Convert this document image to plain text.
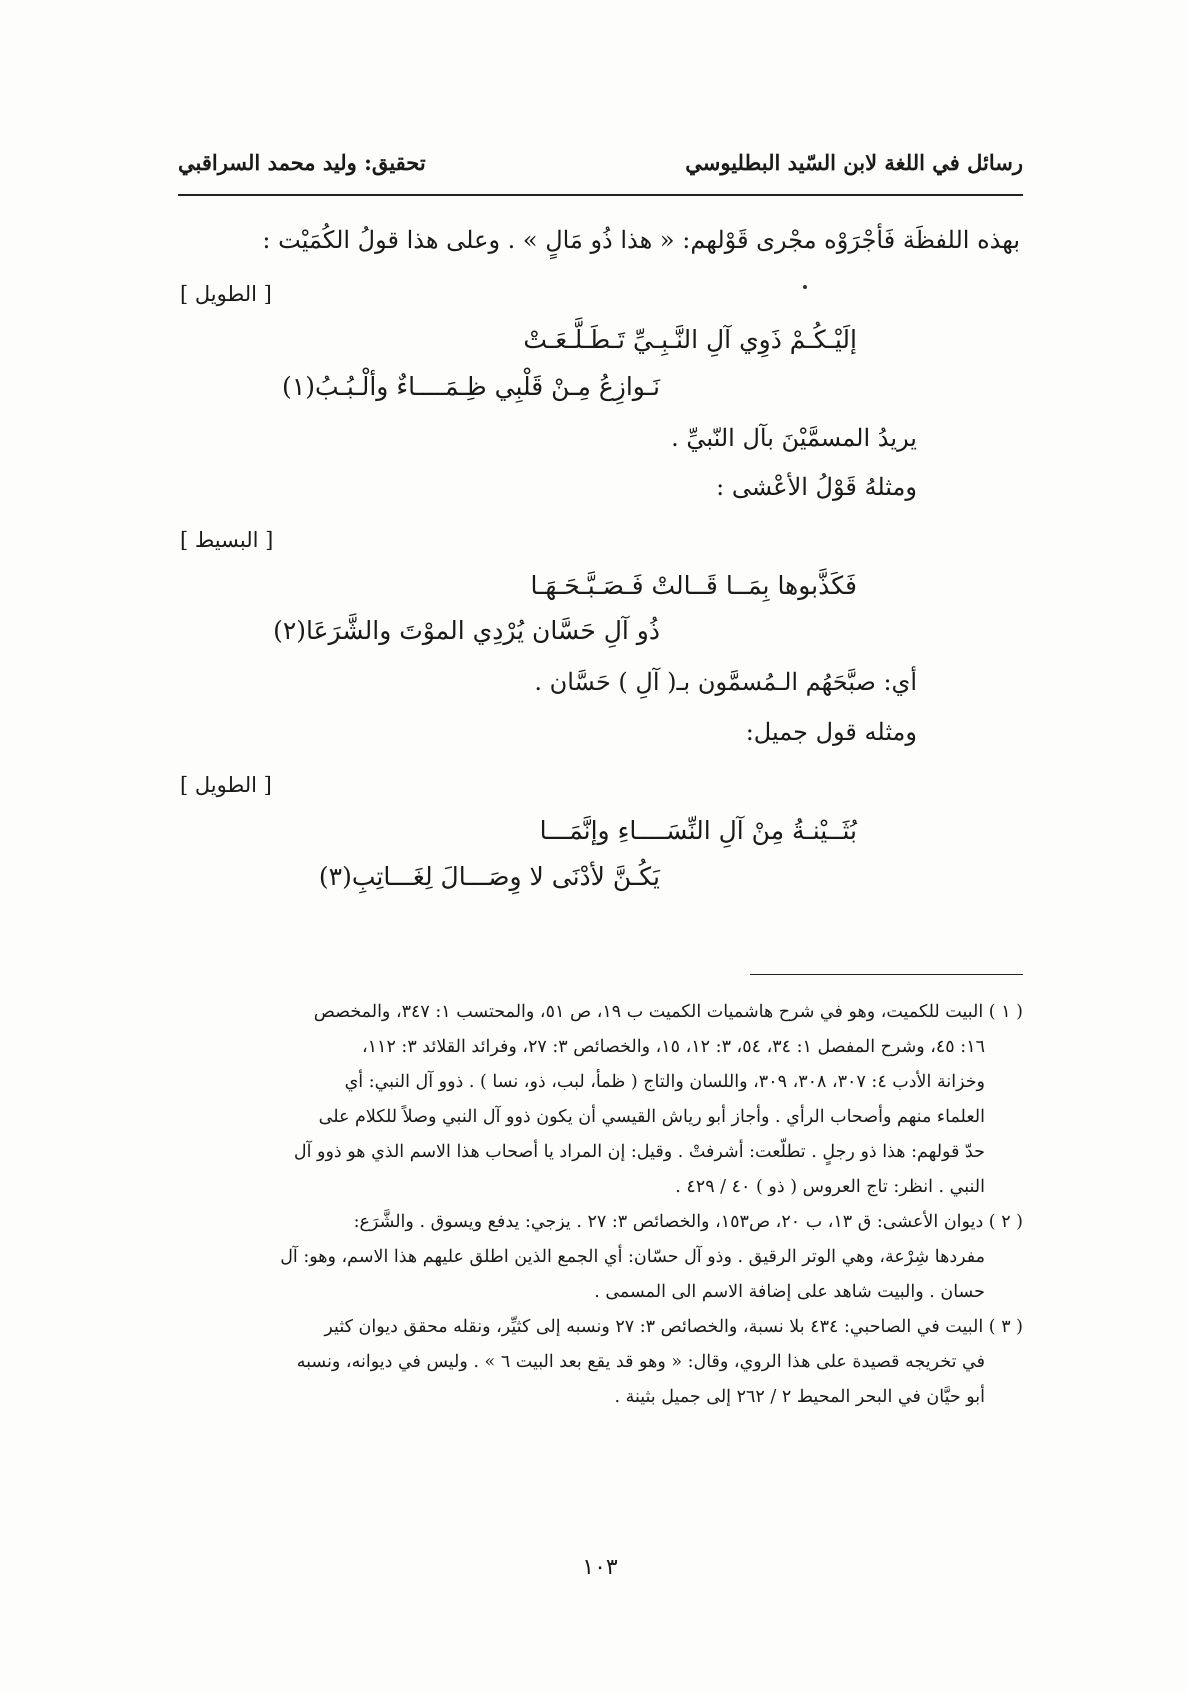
رسائل في اللغة لابن السّيد البطليوسي
تحقيق: وليد محمد السراقبي
بهذه اللفظَة فَأجْرَوْه مجْرى قَوْلهم: « هذا ذُو مَالٍ » . وعلى هذا قولُ الكُمَيْت :
[ الطويل ]
إلَيْـكُـمْ ذَوِي آلِ النَّـبِـيِّ تَـطَـلَّـعَـتْ
نَـوازِعُ مِـنْ قَلْبِي ظِـمَــــاءٌ وألْـبُـبُ(١)
يريدُ المسمَّيْنَ بآل النّبيِّ .
ومثلهُ قَوْلُ الأعْشى :
[ البسيط ]
فَكَذَّبوها بِمَــا قَــالتْ فَـصَـبَّـحَـهَـا
ذُو آلِ حَسَّان يُرْدِي الموْتَ والشَّرَعَا(٢)
أي: صبَّحَهُم الـمُسمَّون بـ( آلِ ) حَسَّان .
ومثله قول جميل:
[ الطويل ]
بُثَــيْنـةُ مِنْ آلِ النِّسَــــاءِ وإنَّمَـــا
يَكُـنَّ لأدْنَى لا وِصَـــالَ لِغَـــاتِبِ(٣)

( ١ ) البيت للكميت، وهو في شرح هاشميات الكميت ب ١٩، ص ٥١، والمحتسب ١: ٣٤٧، والمخصص
١٦: ٤٥، وشرح المفصل ١: ٣٤، ٥٤، ٣: ١٢، ١٥، والخصائص ٣: ٢٧، وفرائد القلائد ٣: ١١٢،
وخزانة الأدب ٤: ٣٠٧، ٣٠٨، ٣٠٩، واللسان والتاج ( ظمأ، لبب، ذو، نسا ) . ذوو آل النبي: أي
العلماء منهم وأصحاب الرأي . وأجاز أبو رياش القيسي أن يكون ذوو آل النبي وصلاً للكلام على
حدّ قولهم: هذا ذو رجلٍ . تطلّعت: أشرفتْ . وقيل: إن المراد يا أصحاب هذا الاسم الذي هو ذوو آل
النبي . انظر: تاج العروس ( ذو ) ٤٠ / ٤٢٩ .

( ٢ ) ديوان الأعشى: ق ١٣، ب ٢٠، ص١٥٣، والخصائص ٣: ٢٧ . يزجي: يدفع ويسوق . والشَّرَع:
مفردها شِرْعة، وهي الوتر الرقيق . وذو آل حسّان: أي الجمع الذين اطلق عليهم هذا الاسم، وهو: آل
حسان . والبيت شاهد على إضافة الاسم الى المسمى .

( ٣ ) البيت في الصاحبي: ٤٣٤ بلا نسبة، والخصائص ٣: ٢٧ ونسبه إلى كثيِّر، ونقله محقق ديوان كثير
في تخريجه قصيدة على هذا الروي، وقال: « وهو قد يقع بعد البيت ٦ » . وليس في ديوانه، ونسبه
أبو حيَّان في البحر المحيط ٢ / ٢٦٢ إلى جميل بثينة .

١٠٣
